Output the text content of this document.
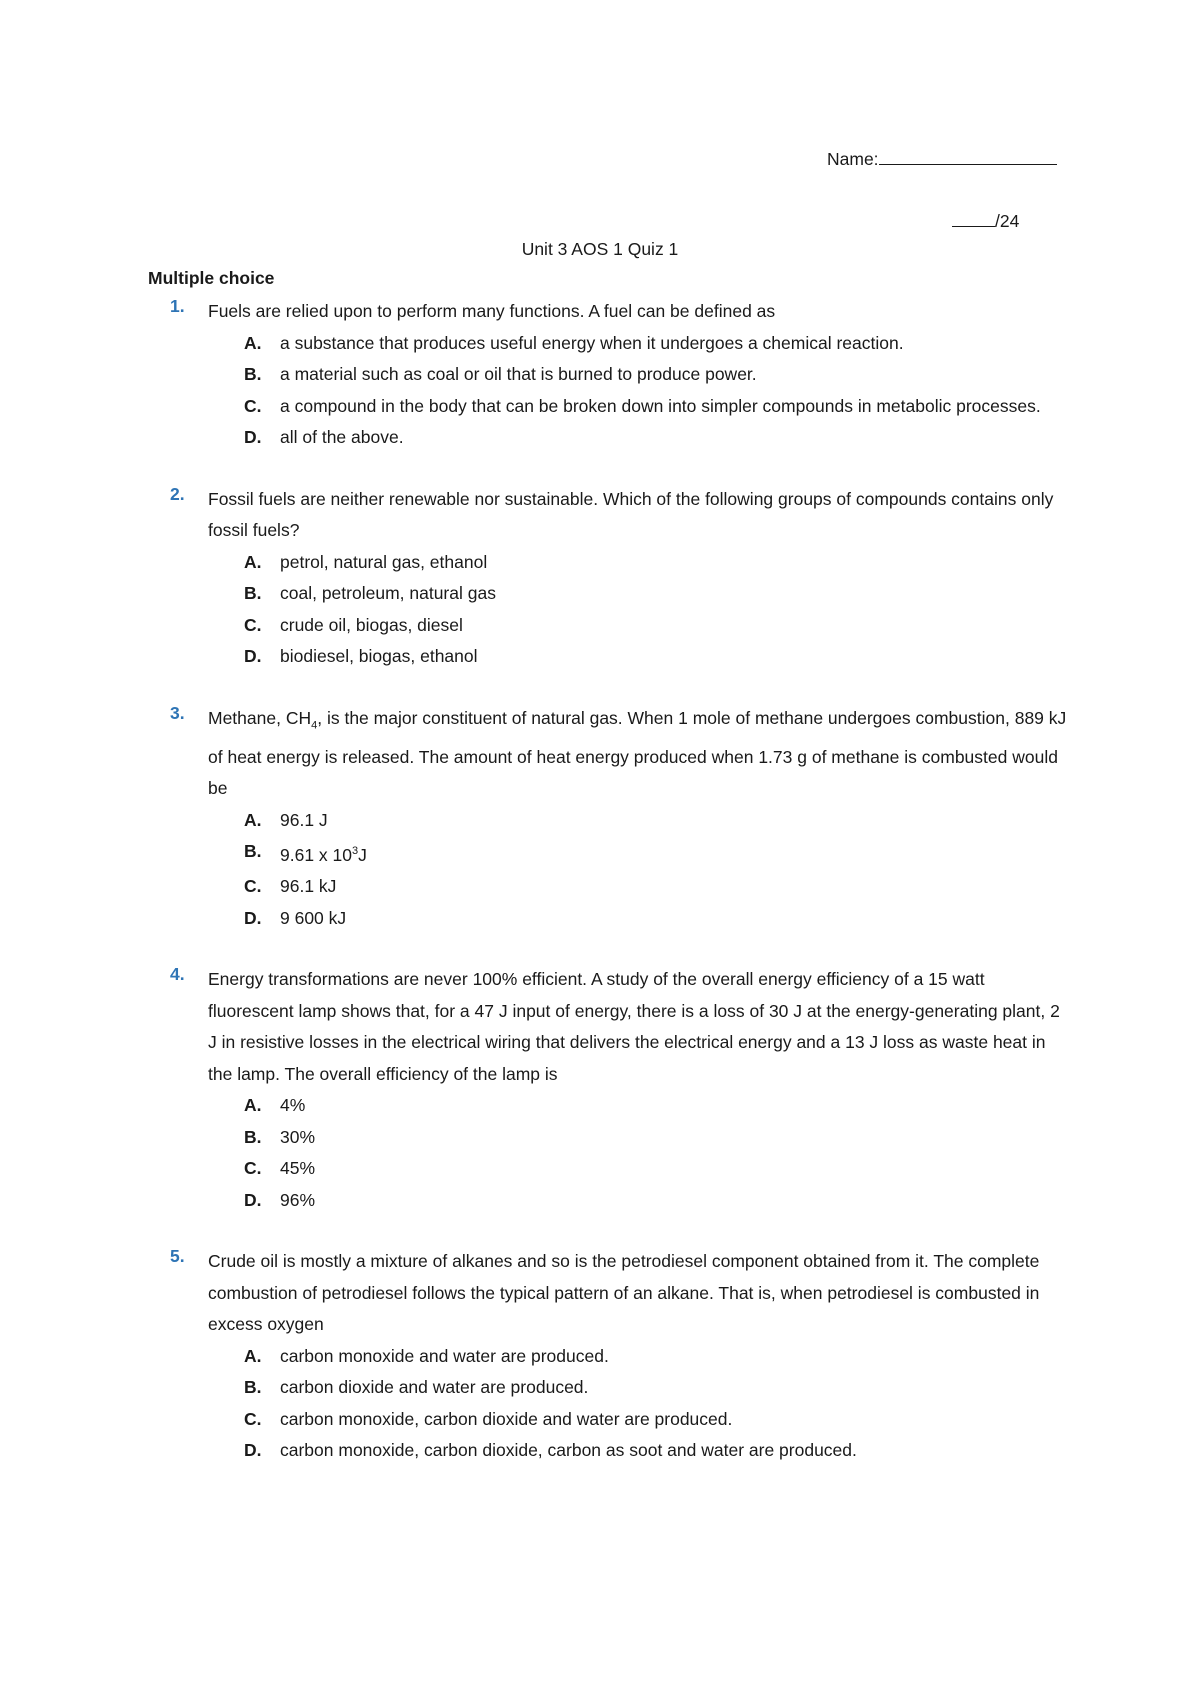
Name:
/24
Unit 3 AOS 1 Quiz 1
Multiple choice
1. Fuels are relied upon to perform many functions. A fuel can be defined as
A. a substance that produces useful energy when it undergoes a chemical reaction.
B. a material such as coal or oil that is burned to produce power.
C. a compound in the body that can be broken down into simpler compounds in metabolic processes.
D. all of the above.
2. Fossil fuels are neither renewable nor sustainable. Which of the following groups of compounds contains only fossil fuels?
A. petrol, natural gas, ethanol
B. coal, petroleum, natural gas
C. crude oil, biogas, diesel
D. biodiesel, biogas, ethanol
3. Methane, $CH_4$, is the major constituent of natural gas. When 1 mole of methane undergoes combustion, 889 kJ of heat energy is released. The amount of heat energy produced when 1.73 g of methane is combusted would be
A. 96.1 J
B. 9.61 x $10^3J$
C. 96.1 kJ
D. 9 600 kJ
4. Energy transformations are never 100% efficient. A study of the overall energy efficiency of a 15 watt fluorescent lamp shows that, for a 47 J input of energy, there is a loss of 30 J at the energy-generating plant, 2 J in resistive losses in the electrical wiring that delivers the electrical energy and a 13 J loss as waste heat in the lamp. The overall efficiency of the lamp is
A. 4%
B. 30%
C. 45%
D. 96%
5. Crude oil is mostly a mixture of alkanes and so is the petrodiesel component obtained from it. The complete combustion of petrodiesel follows the typical pattern of an alkane. That is, when petrodiesel is combusted in excess oxygen
A. carbon monoxide and water are produced.
B. carbon dioxide and water are produced.
C. carbon monoxide, carbon dioxide and water are produced.
D. carbon monoxide, carbon dioxide, carbon as soot and water are produced.
